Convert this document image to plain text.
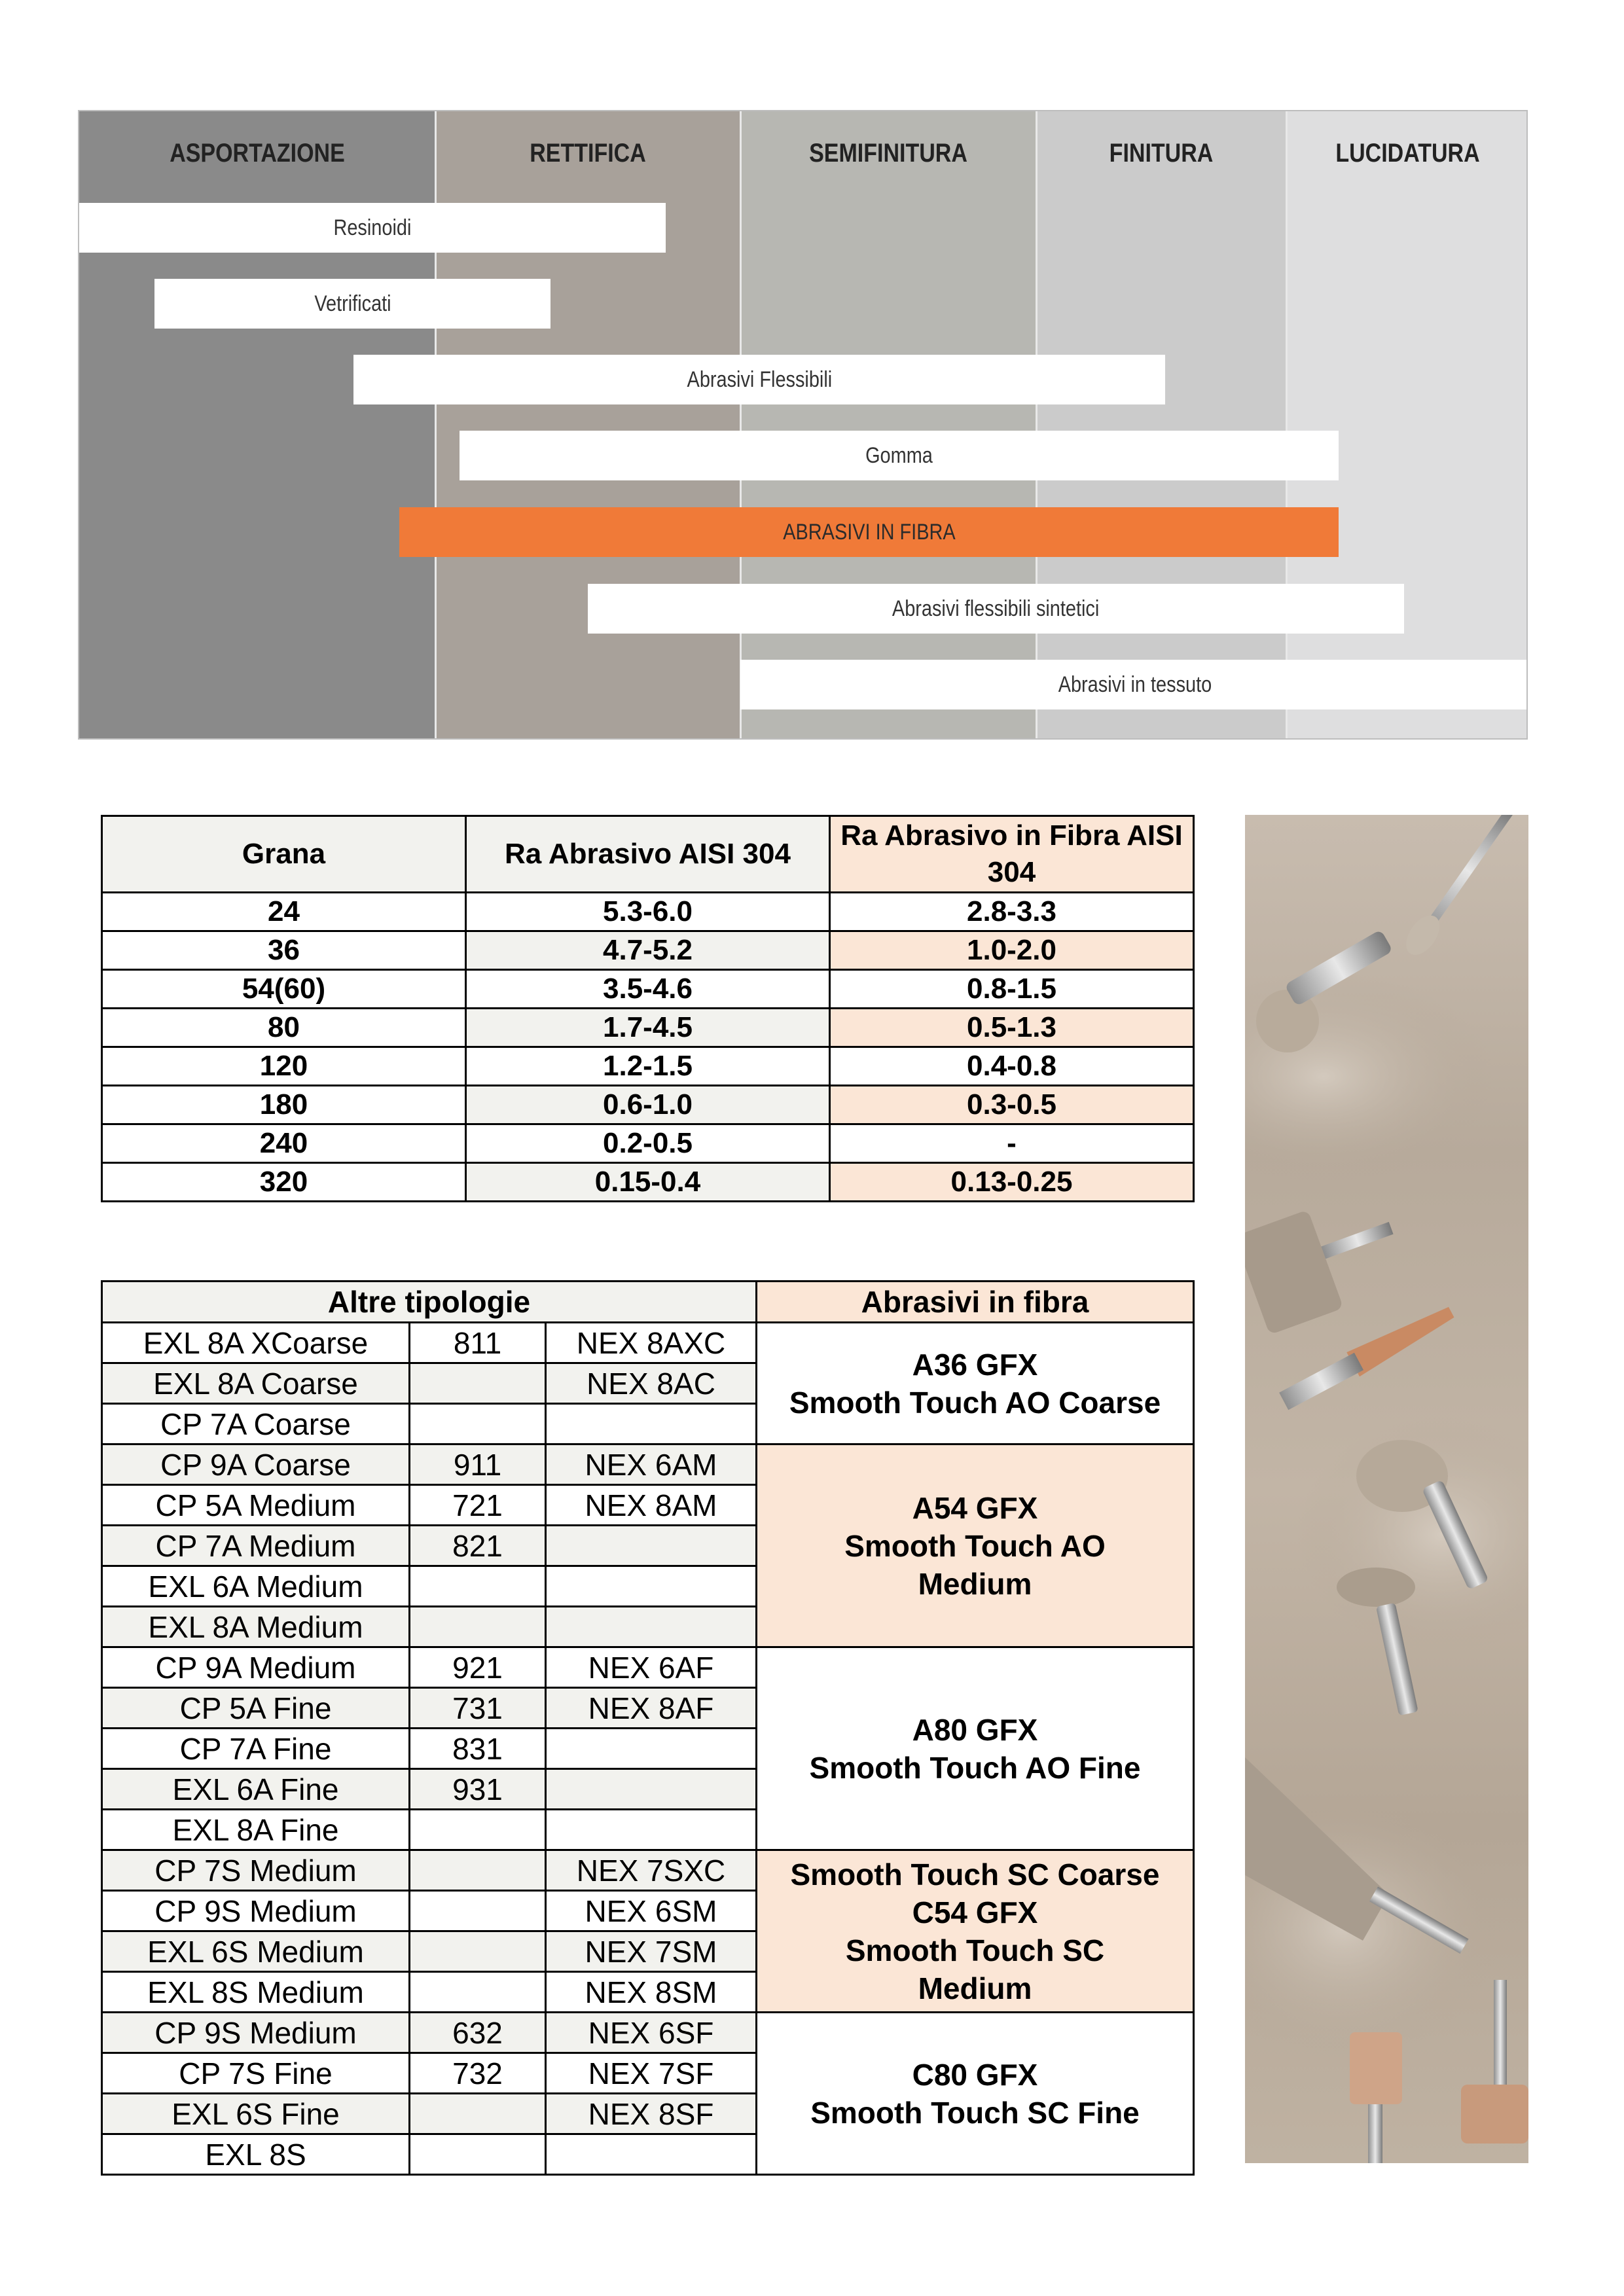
ASPORTAZIONE	RETTIFICA	SEMIFINITURA	FINITURA	LUCIDATURA
Resinoidi
Vetrificati
Abrasivi Flessibili
Gomma
ABRASIVI IN FIBRA
Abrasivi flessibili sintetici
Abrasivi in tessuto
Grana	Ra Abrasivo AISI 304	Ra Abrasivo in Fibra AISI 304
24	5.3-6.0	2.8-3.3
36	4.7-5.2	1.0-2.0
54(60)	3.5-4.6	0.8-1.5
80	1.7-4.5	0.5-1.3
120	1.2-1.5	0.4-0.8
180	0.6-1.0	0.3-0.5
240	0.2-0.5	-
320	0.15-0.4	0.13-0.25
Altre tipologie			Abrasivi in fibra
EXL 8A XCoarse	811	NEX 8AXC	A36 GFX
Smooth Touch AO Coarse

EXL 8A Coarse		NEX 8AC	
CP 7A Coarse			
CP 9A Coarse	911	NEX 6AM	A54 GFX
Smooth Touch AO
Medium

CP 5A Medium	721	NEX 8AM	
CP 7A Medium	821		
EXL 6A Medium			
EXL 8A Medium			
CP 9A Medium	921	NEX 6AF	A80 GFX
Smooth Touch AO Fine

CP 5A Fine	731	NEX 8AF	
CP 7A Fine	831		
EXL 6A Fine	931		
EXL 8A Fine			
CP 7S Medium		NEX 7SXC	Smooth Touch SC Coarse
C54 GFX
Smooth Touch SC
Medium

CP 9S Medium		NEX 6SM	
EXL 6S Medium		NEX 7SM	
EXL 8S Medium		NEX 8SM	
CP 9S Medium	632	NEX 6SF	C80 GFX
Smooth Touch SC Fine

CP 7S Fine	732	NEX 7SF	
EXL 6S Fine		NEX 8SF	
EXL 8S			
